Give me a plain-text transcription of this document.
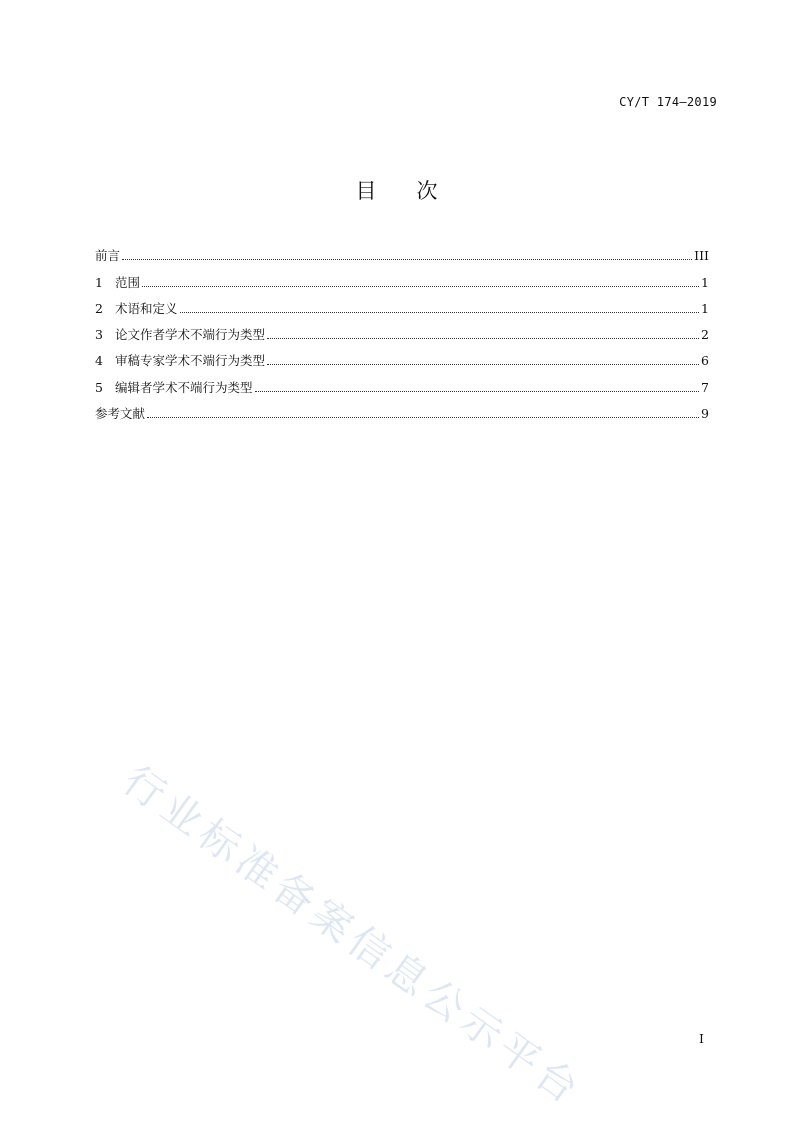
CY/T 174—2019
目次
前言	III
1 范围	1
2 术语和定义	1
3 论文作者学术不端行为类型	2
4 审稿专家学术不端行为类型	6
5 编辑者学术不端行为类型	7
参考文献	9
行业标准备案信息公示平台	I
